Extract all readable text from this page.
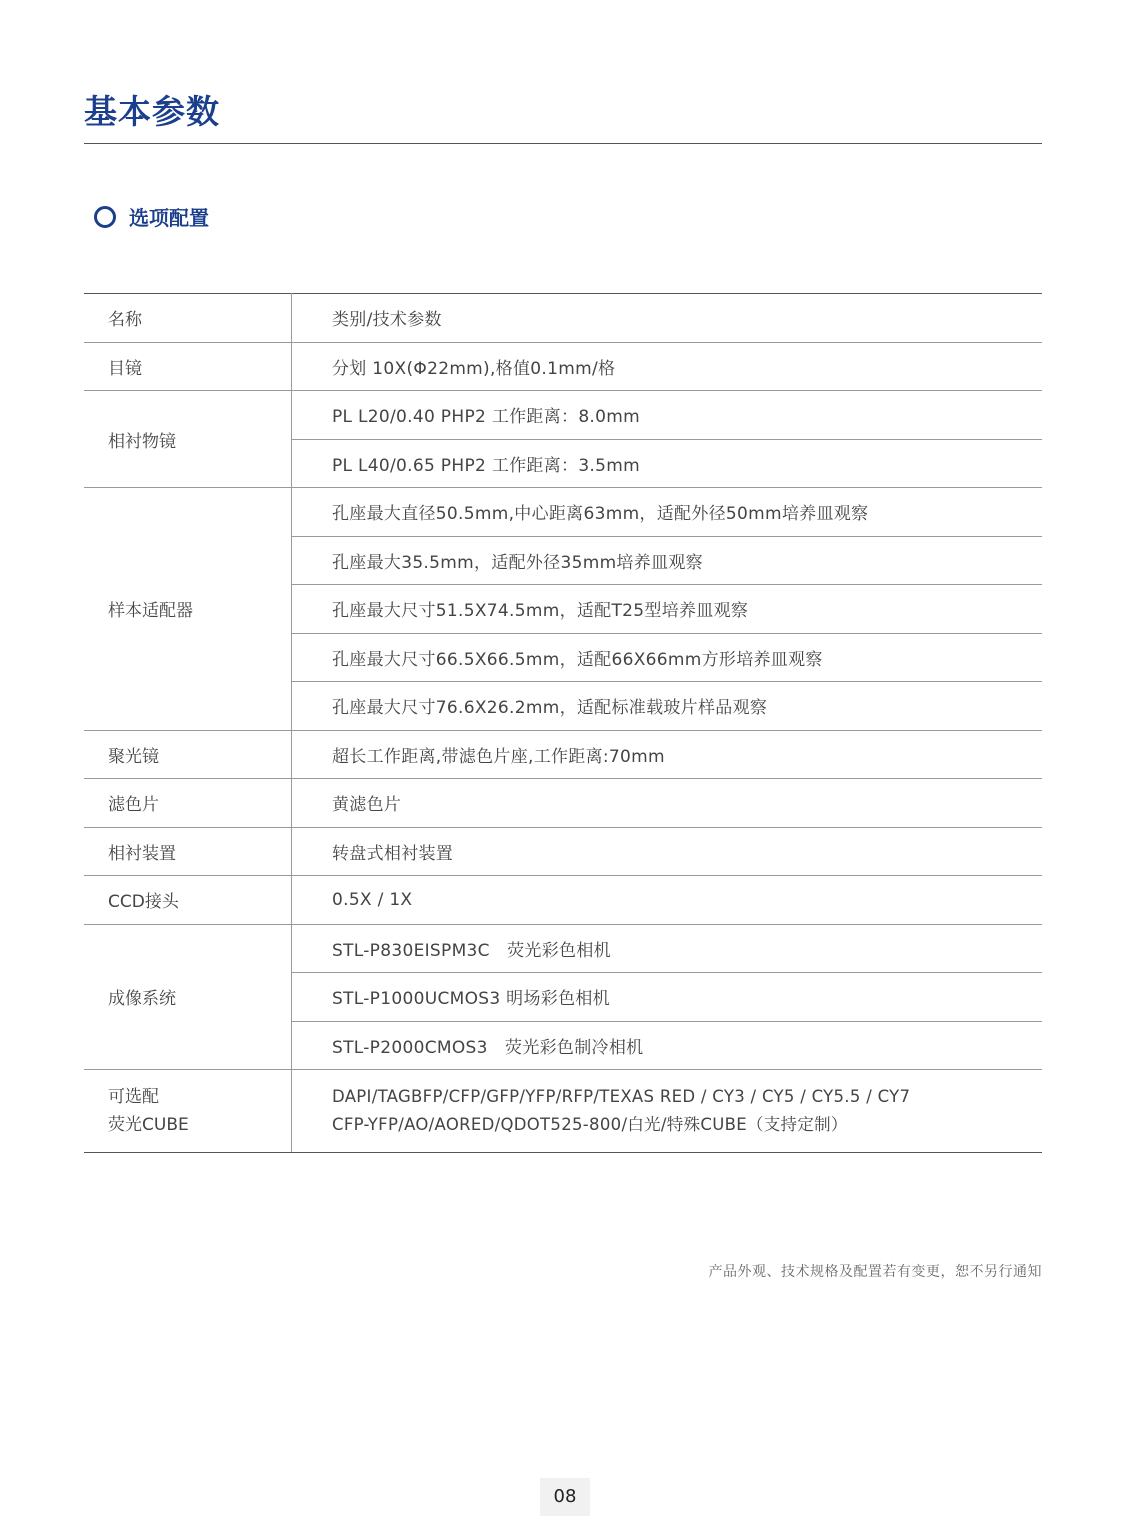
基本参数
选项配置
名称	类别/技术参数
目镜	分划 10X(Φ22mm),格值0.1mm/格
相衬物镜	PL L20/0.40 PHP2 工作距离：8.0mm
	PL L40/0.65 PHP2 工作距离：3.5mm
样本适配器	孔座最大直径50.5mm,中心距离63mm，适配外径50mm培养皿观察
	孔座最大35.5mm，适配外径35mm培养皿观察
	孔座最大尺寸51.5X74.5mm，适配T25型培养皿观察
	孔座最大尺寸66.5X66.5mm，适配66X66mm方形培养皿观察
	孔座最大尺寸76.6X26.2mm，适配标准载玻片样品观察
聚光镜	超长工作距离,带滤色片座,工作距离:70mm
滤色片	黄滤色片
相衬装置	转盘式相衬装置
CCD接头	0.5X / 1X
成像系统	STL-P830EISPM3C　荧光彩色相机
	STL-P1000UCMOS3 明场彩色相机
	STL-P2000CMOS3　荧光彩色制冷相机

可选配
荧光CUBE	DAPI/TAGBFP/CFP/GFP/YFP/RFP/TEXAS RED / CY3 / CY5 / CY5.5 / CY7
CFP-YFP/AO/AORED/QDOT525-800/白光/特殊CUBE（支持定制）
产品外观、技术规格及配置若有变更，恕不另行通知
08
